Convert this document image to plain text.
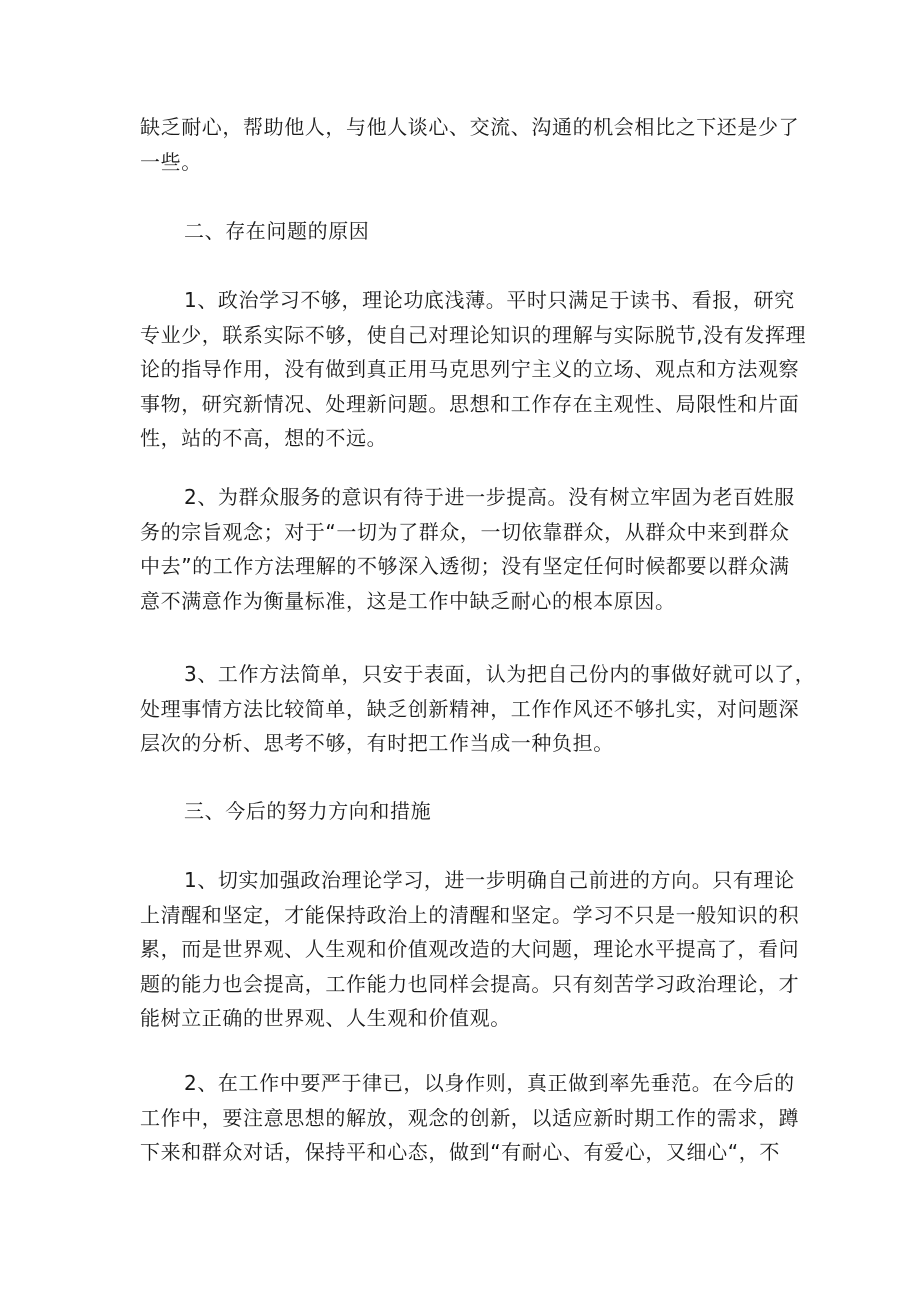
缺乏耐心，帮助他人，与他人谈心、交流、沟通的机会相比之下还是少了

一些。

二、存在问题的原因

1、政治学习不够，理论功底浅薄。平时只满足于读书、看报，研究

专业少，联系实际不够，使自己对理论知识的理解与实际脱节,没有发挥理

论的指导作用，没有做到真正用马克思列宁主义的立场、观点和方法观察

事物，研究新情况、处理新问题。思想和工作存在主观性、局限性和片面

性，站的不高，想的不远。

2、为群众服务的意识有待于进一步提高。没有树立牢固为老百姓服

务的宗旨观念；对于“一切为了群众，一切依靠群众，从群众中来到群众

中去”的工作方法理解的不够深入透彻；没有坚定任何时候都要以群众满

意不满意作为衡量标准，这是工作中缺乏耐心的根本原因。

3、工作方法简单，只安于表面，认为把自己份内的事做好就可以了，

处理事情方法比较简单，缺乏创新精神，工作作风还不够扎实，对问题深

层次的分析、思考不够，有时把工作当成一种负担。

三、今后的努力方向和措施

1、切实加强政治理论学习，进一步明确自己前进的方向。只有理论

上清醒和坚定，才能保持政治上的清醒和坚定。学习不只是一般知识的积

累，而是世界观、人生观和价值观改造的大问题，理论水平提高了，看问

题的能力也会提高，工作能力也同样会提高。只有刻苦学习政治理论，才

能树立正确的世界观、人生观和价值观。

2、在工作中要严于律已，以身作则，真正做到率先垂范。在今后的

工作中，要注意思想的解放，观念的创新，以适应新时期工作的需求，蹲

下来和群众对话，保持平和心态，做到“有耐心、有爱心，又细心“，不
